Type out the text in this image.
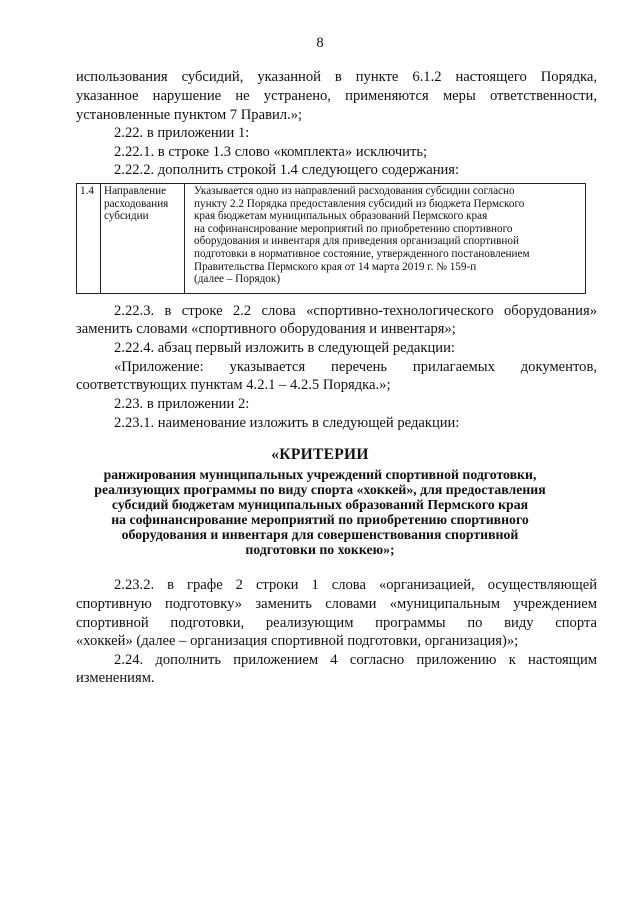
8
использования субсидий, указанной в пункте 6.1.2 настоящего Порядка,
указанное нарушение не устранено, применяются меры ответственности,
установленные пунктом 7 Правил.»;
2.22. в приложении 1:
2.22.1. в строке 1.3 слово «комплекта» исключить;
2.22.2. дополнить строкой 1.4 следующего содержания:
1.4 Направление
расходования
субсидии
Указывается одно из направлений расходования субсидии согласно
пункту 2.2 Порядка предоставления субсидий из бюджета Пермского
края бюджетам муниципальных образований Пермского края
на софинансирование мероприятий по приобретению спортивного
оборудования и инвентаря для приведения организаций спортивной
подготовки в нормативное состояние, утвержденного постановлением
Правительства Пермского края от 14 марта 2019 г. № 159-п
(далее – Порядок)
2.22.3. в строке 2.2 слова «спортивно-технологического оборудования»
заменить словами «спортивного оборудования и инвентаря»;
2.22.4. абзац первый изложить в следующей редакции:
«Приложение: указывается перечень прилагаемых документов,
соответствующих пунктам 4.2.1 – 4.2.5 Порядка.»;
2.23. в приложении 2:
2.23.1. наименование изложить в следующей редакции:
«КРИТЕРИИ
ранжирования муниципальных учреждений спортивной подготовки,
реализующих программы по виду спорта «хоккей», для предоставления
субсидий бюджетам муниципальных образований Пермского края
на софинансирование мероприятий по приобретению спортивного
оборудования и инвентаря для совершенствования спортивной
подготовки по хоккею»;
2.23.2. в графе 2 строки 1 слова «организацией, осуществляющей
спортивную подготовку» заменить словами «муниципальным учреждением
спортивной подготовки, реализующим программы по виду спорта
«хоккей» (далее – организация спортивной подготовки, организация)»;
2.24. дополнить приложением 4 согласно приложению к настоящим
изменениям.
